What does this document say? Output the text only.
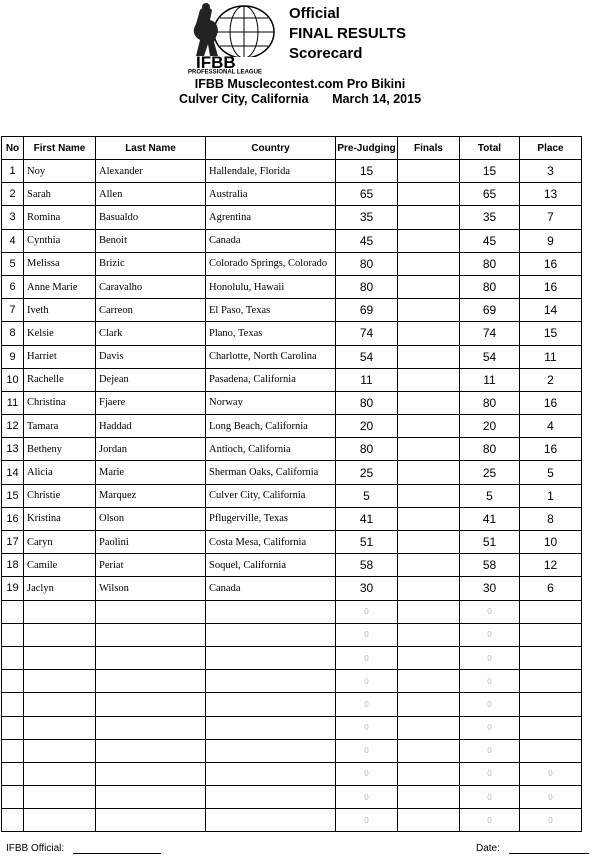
IFBB
PROFESSIONAL LEAGUE
Official
FINAL RESULTS
Scorecard
IFBB Musclecontest.com Pro Bikini
Culver City, California March 14, 2015
No	First Name	Last Name	Country	Pre-Judging	Finals	Total	Place
1	Noy	Alexander	Hallendale, Florida	15		15	3
2	Sarah	Allen	Australia	65		65	13
3	Romina	Basualdo	Agrentina	35		35	7
4	Cynthia	Benoit	Canada	45		45	9
5	Melissa	Brizic	Colorado Springs, Colorado	80		80	16
6	Anne Marie	Caravalho	Honolulu, Hawaii	80		80	16
7	Iveth	Carreon	El Paso, Texas	69		69	14
8	Kelsie	Clark	Plano, Texas	74		74	15
9	Harriet	Davis	Charlotte, North Carolina	54		54	11
10	Rachelle	Dejean	Pasadena, California	11		11	2
11	Christina	Fjaere	Norway	80		80	16
12	Tamara	Haddad	Long Beach, California	20		20	4
13	Betheny	Jordan	Antioch, California	80		80	16
14	Alicia	Marie	Sherman Oaks, California	25		25	5
15	Christie	Marquez	Culver City, California	5		5	1
16	Kristina	Olson	Pflugerville, Texas	41		41	8
17	Caryn	Paolini	Costa Mesa, California	51		51	10
18	Camile	Periat	Soquel, California	58		58	12
19	Jaclyn	Wilson	Canada	30		30	6
				0		0	
				0		0	
				0		0	
				0		0	
				0		0	
				0		0	
				0		0	
				0		0	0
				0		0	0
				0		0	0
IFBB Official:	Date:
